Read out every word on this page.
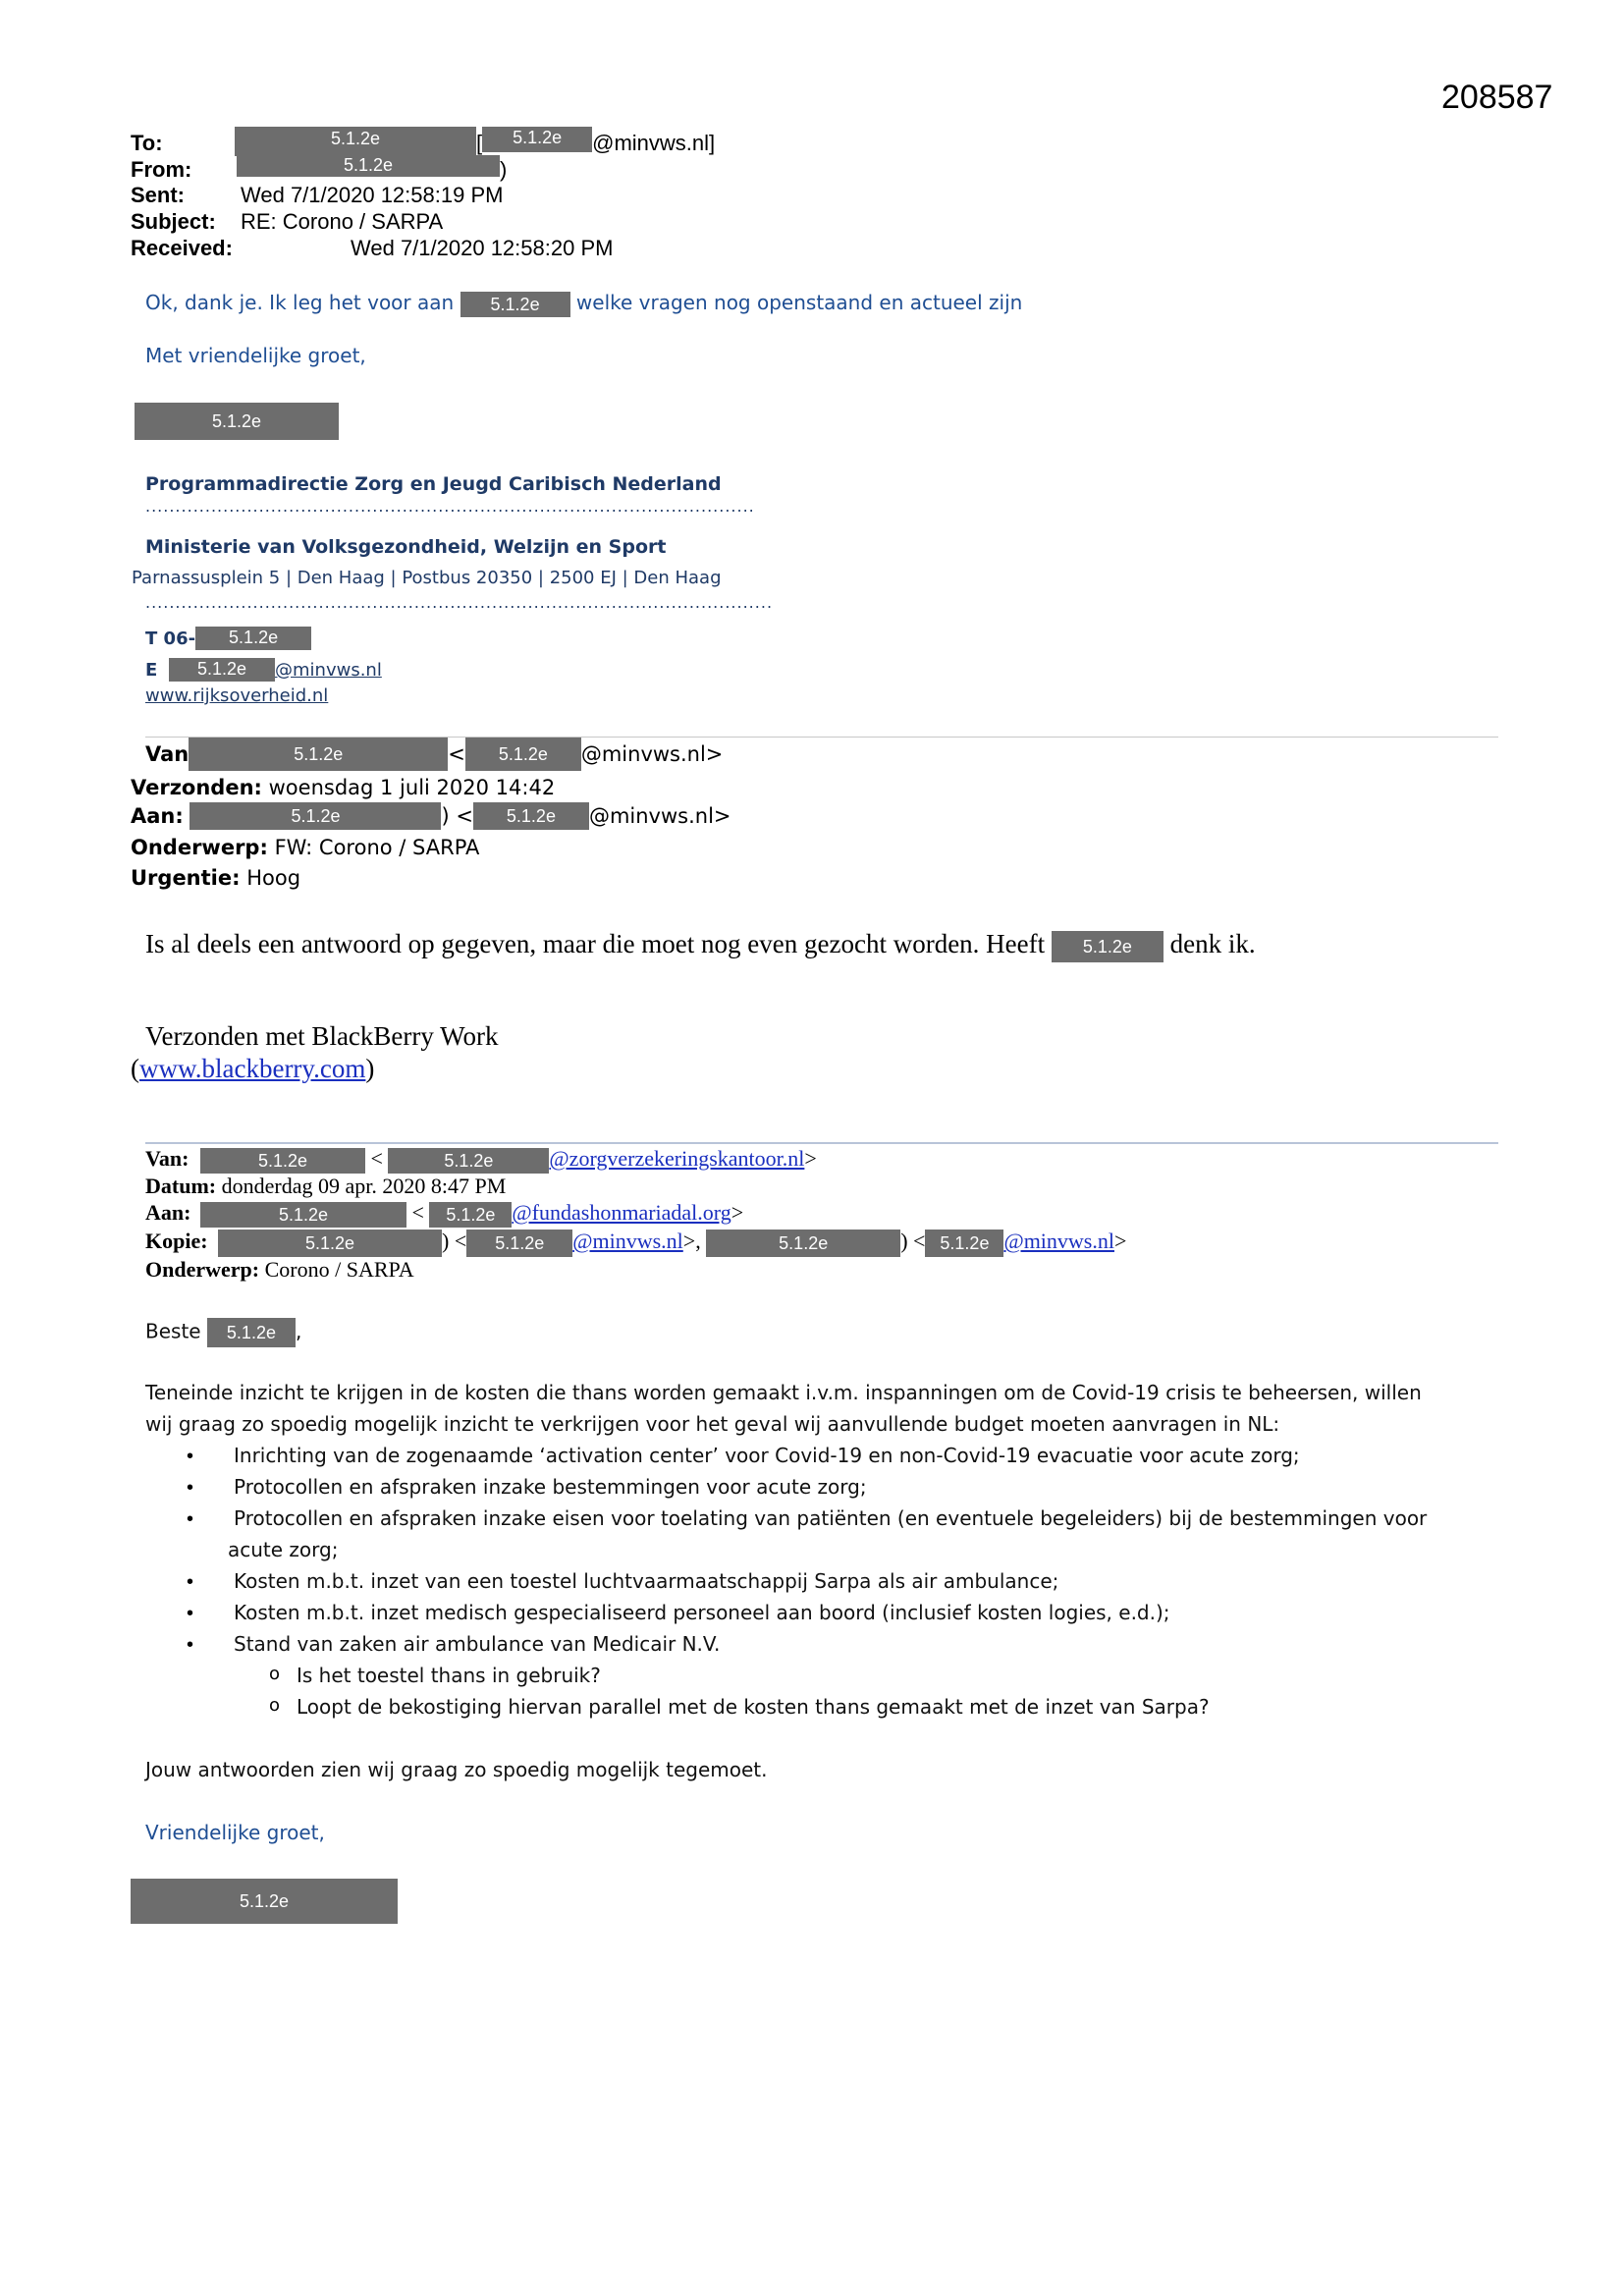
208587
To:	5.1.2e	[ 5.1.2e @minvws.nl]
From:	5.1.2e	)
Sent:	Wed 7/1/2020 12:58:19 PM
Subject: RE: Corono / SARPA
Received:	Wed 7/1/2020 12:58:20 PM
Ok, dank je. Ik leg het voor aan 5.1.2e welke vragen nog openstaand en actueel zijn
Met vriendelijke groet,
5.1.2e
Programmadirectie Zorg en Jeugd Caribisch Nederland
......................................................................................................
Ministerie van Volksgezondheid, Welzijn en Sport
Parnassusplein 5 | Den Haag | Postbus 20350 | 2500 EJ | Den Haag
.........................................................................................................
T 06- 5.1.2e
E 5.1.2e @minvws.nl
www.rijksoverheid.nl
Van	5.1.2e	< 5.1.2e @minvws.nl>
Verzonden: woensdag 1 juli 2020 14:42
Aan:	5.1.2e	) < 5.1.2e @minvws.nl>
Onderwerp: FW: Corono / SARPA
Urgentie: Hoog
Is al deels een antwoord op gegeven, maar die moet nog even gezocht worden. Heeft 5.1.2e denk ik.
Verzonden met BlackBerry Work
(www.blackberry.com)
Van:	5.1.2e	<	5.1.2e	@zorgverzekeringskantoor.nl>
Datum: donderdag 09 apr. 2020 8:47 PM
Aan:	5.1.2e	< 5.1.2e @fundashonmariadal.org>
Kopie:	5.1.2e	) < 5.1.2e @minvws.nl>,	5.1.2e	) < 5.1.2e @minvws.nl>
Onderwerp: Corono / SARPA
Beste 5.1.2e ,
Teneinde inzicht te krijgen in de kosten die thans worden gemaakt i.v.m. inspanningen om de Covid-19 crisis te beheersen, willen
wij graag zo spoedig mogelijk inzicht te verkrijgen voor het geval wij aanvullende budget moeten aanvragen in NL:
• Inrichting van de zogenaamde ‘activation center’ voor Covid-19 en non-Covid-19 evacuatie voor acute zorg;
• Protocollen en afspraken inzake bestemmingen voor acute zorg;
• Protocollen en afspraken inzake eisen voor toelating van patiënten (en eventuele begeleiders) bij de bestemmingen voor
acute zorg;
• Kosten m.b.t. inzet van een toestel luchtvaarmaatschappij Sarpa als air ambulance;
• Kosten m.b.t. inzet medisch gespecialiseerd personeel aan boord (inclusief kosten logies, e.d.);
• Stand van zaken air ambulance van Medicair N.V.
o Is het toestel thans in gebruik?
o Loopt de bekostiging hiervan parallel met de kosten thans gemaakt met de inzet van Sarpa?
Jouw antwoorden zien wij graag zo spoedig mogelijk tegemoet.
Vriendelijke groet,
5.1.2e
